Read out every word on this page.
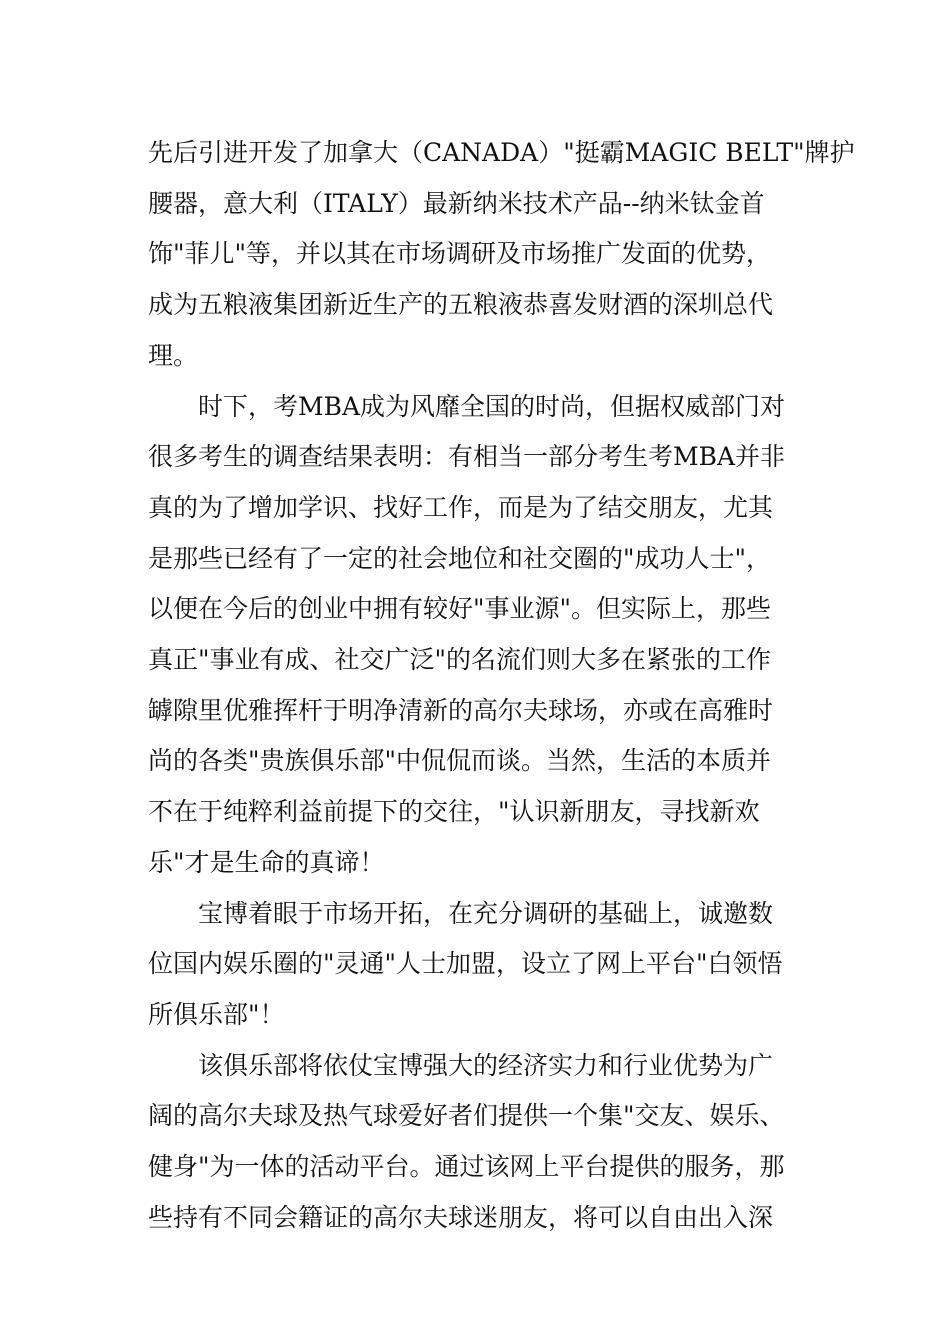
先后引进开发了加拿大（CANADA）"挺霸MAGIC BELT"牌护
腰器，意大利（ITALY）最新纳米技术产品--纳米钛金首
饰"菲儿"等，并以其在市场调研及市场推广发面的优势，
成为五粮液集团新近生产的五粮液恭喜发财酒的深圳总代
理。
时下，考MBA成为风靡全国的时尚，但据权威部门对
很多考生的调查结果表明：有相当一部分考生考MBA并非
真的为了增加学识、找好工作，而是为了结交朋友，尤其
是那些已经有了一定的社会地位和社交圈的"成功人士"，
以便在今后的创业中拥有较好"事业源"。但实际上，那些
真正"事业有成、社交广泛"的名流们则大多在紧张的工作
罅隙里优雅挥杆于明净清新的高尔夫球场，亦或在高雅时
尚的各类"贵族俱乐部"中侃侃而谈。当然，生活的本质并
不在于纯粹利益前提下的交往，"认识新朋友，寻找新欢
乐"才是生命的真谛！
宝博着眼于市场开拓，在充分调研的基础上，诚邀数
位国内娱乐圈的"灵通"人士加盟，设立了网上平台"白领悟
所俱乐部"！
该俱乐部将依仗宝博强大的经济实力和行业优势为广
阔的高尔夫球及热气球爱好者们提供一个集"交友、娱乐、
健身"为一体的活动平台。通过该网上平台提供的服务，那
些持有不同会籍证的高尔夫球迷朋友，将可以自由出入深
